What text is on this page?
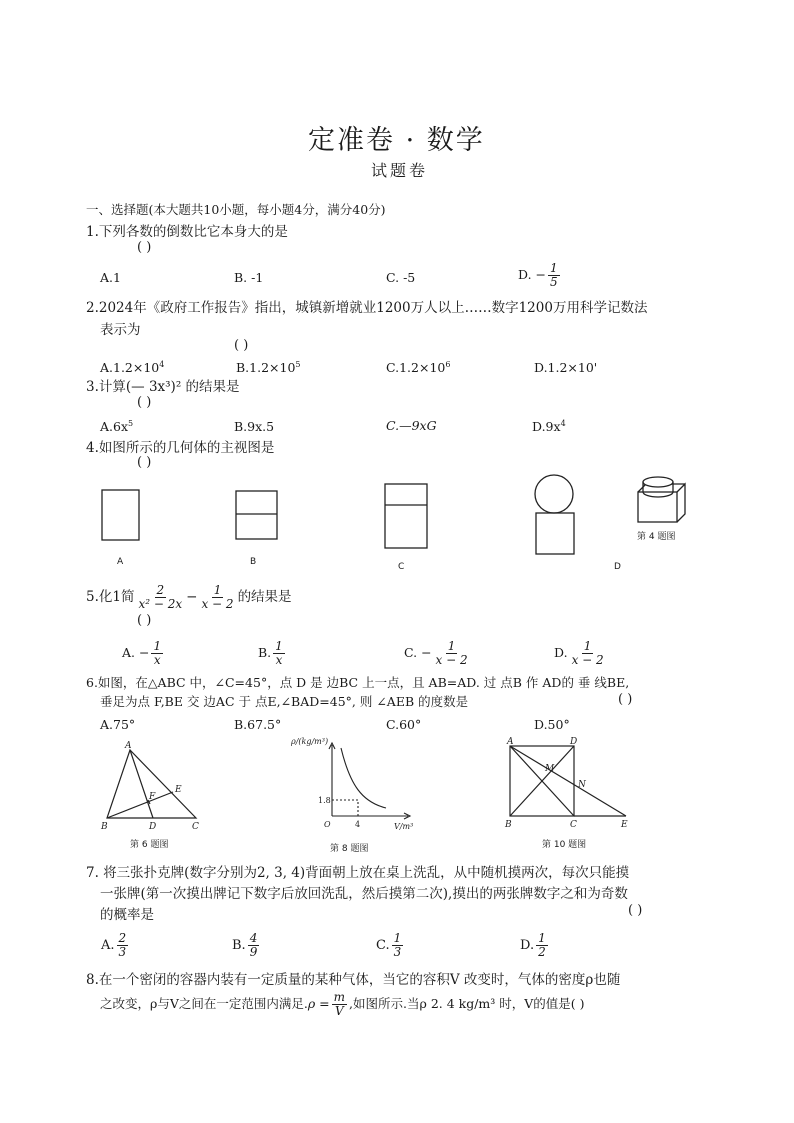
定准卷 · 数学
试题卷
一、选择题(本大题共10小题，每小题4分，满分40分)
1.下列各数的倒数比它本身大的是
( )
A.1	B. -1	C. -5	D. − $\frac{1}{5}$
2.2024年《政府工作报告》指出，城镇新增就业1200万人以上……数字1200万用科学记数法
表示为
( )
$A.1.2\times 10^4$	$B.1.2\times 10^5$	$C.1.2\times 10^6$	D.1.2×10'
3.计算(— 3x³)² 的结果是
( )
$A.6x^5$	B.9x.5	C.—9xG	$D.9x^4$
4.如图所示的几何体的主视图是
( )
A	B	C	D
第 4 题图
5.化1简 $\frac{2}{\text{x² − 2x}} - \frac{1}{x - 2}$ 的结果是
( )
A. − $\frac{1}{x}$	B. $\frac{1}{x}$	C. − $\frac{1}{x - 2}$	D. $\frac{1}{x - 2}$
6.如图，在△ABC 中，∠C=45°，点 D 是 边BC 上一点，且 AB=AD. 过 点B 作 AD的 垂 线BE,
垂足为点 F,BE 交 边AC 于 点E,∠BAD=45°, 则 ∠AEB 的度数是	( )
A.75°	B.67.5°	C.60°	D.50°
A
B	C
D
E
F
ρ/(kg/m³)
V/m³
O
1.8
4
A	D
M
N
B	C	E
第 6 题图	第 8 题图	第 10 题图
7. 将三张扑克牌(数字分别为2, 3, 4)背面朝上放在桌上洗乱，从中随机摸两次，每次只能摸
一张牌(第一次摸出牌记下数字后放回洗乱，然后摸第二次),摸出的两张牌数字之和为奇数
的概率是	( )
A. $\frac{2}{3}$	B. $\frac{4}{9}$	C. $\frac{1}{3}$	D. $\frac{1}{2}$
8.在一个密闭的容器内装有一定质量的某种气体，当它的容积V 改变时，气体的密度ρ也随
之改变，ρ与V之间在一定范围内满足$.\rho = \frac{m}{V}$ ,如图所示.当ρ 2. 4 kg/m³ 时，V的值是( )
